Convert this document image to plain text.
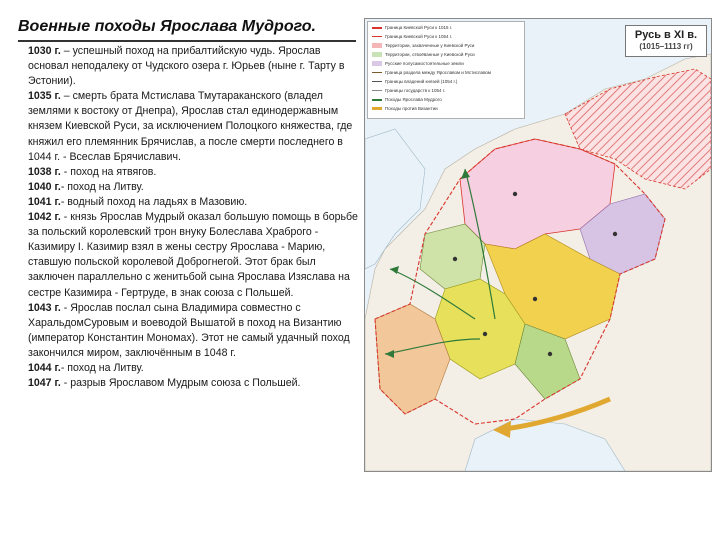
Военные походы Ярослава Мудрого.

1030 г. – успешный поход на прибалтийскую чудь. Ярослав основал неподалеку от Чудского озера г. Юрьев (ныне г. Тарту в Эстонии).

1035 г. – смерть брата Мстислава Тмутараканского (владел землями к востоку от Днепра), Ярослав стал единодержавным князем Киевской Руси, за исключением Полоцкого княжества, где княжил его племянник Брячислав, а после смерти последнего в 1044 г. - Всеслав Брячиславич.

1038 г. - поход на ятвягов.

1040 г.- поход на Литву.

1041 г.- водный поход на ладьях в Мазовию.

1042 г. - князь Ярослав Мудрый оказал большую помощь в борьбе за польский королевский трон внуку Болеслава Храброго - Казимиру I. Казимир взял в жены сестру Ярослава - Марию, ставшую польской королевой Доброгнегой. Этот брак был заключен параллельно с женитьбой сына Ярослава Изяслава на сестре Казимира - Гертруде, в знак союза с Польшей.

1043 г. - Ярослав послал сына Владимира совместно с ХаральдомСуровым и воеводой Вышатой в поход на Византию (император Константин Мономах). Этот не самый удачный поход закончился миром, заключённым в 1048 г.

1044 г.- поход на Литву.

1047 г. - разрыв Ярославом Мудрым союза с Польшей.

Граница Киевской Руси к 1015 г.
Граница Киевской Руси к 1054 г.
Территории, захваченные у Киевской Руси
Территории, отвоёванные у Киевской Руси
Русские полусамостоятельные земли
Граница раздела между Ярославом и Мстиславом
Границы владений князей (1054 г.)
Границы государств к 1054 г.
Походы Ярослава Мудрого
Походы против Византии
Русь в XI в.
(1015–1113 гг)
